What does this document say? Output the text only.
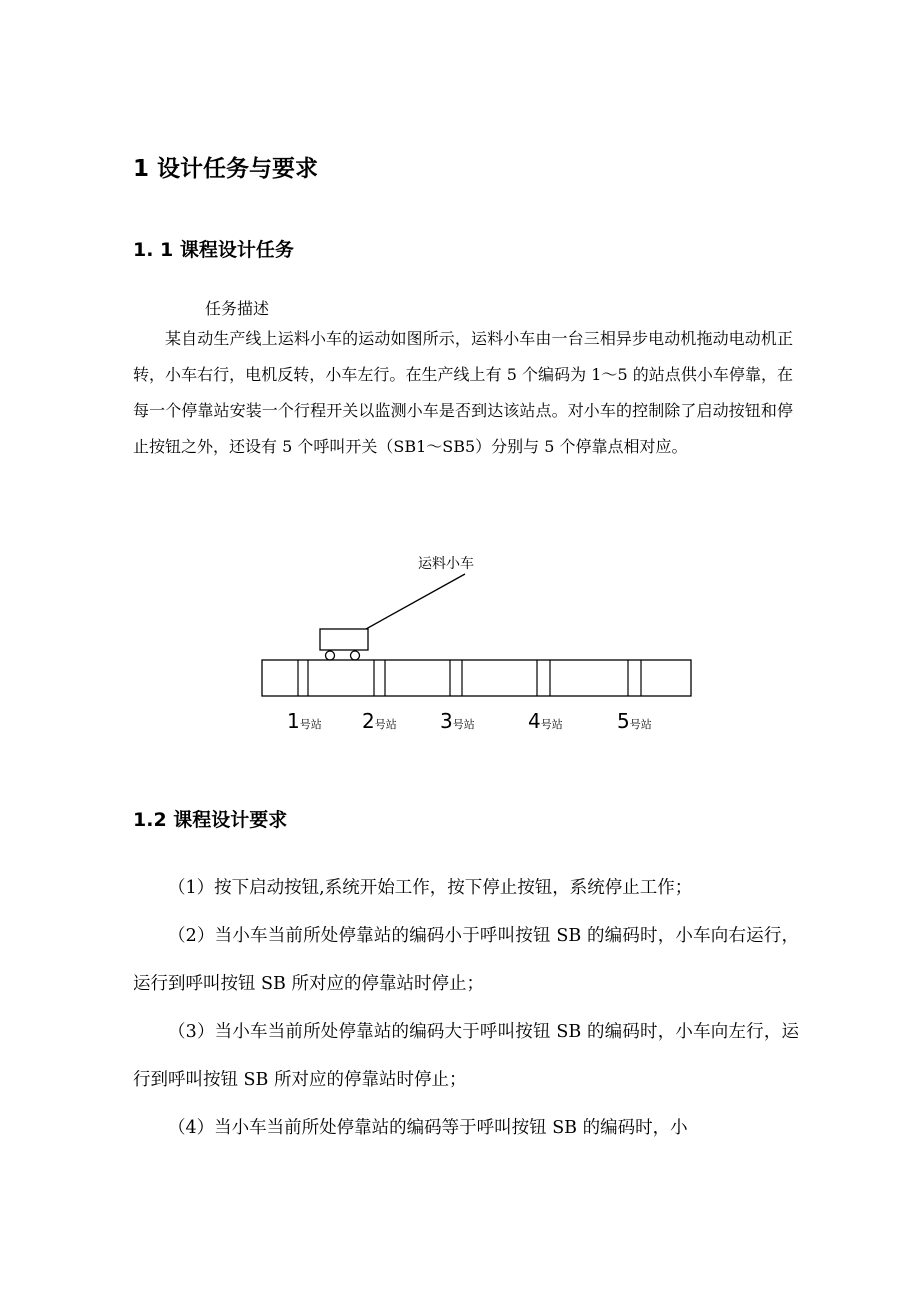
1 设计任务与要求
1. 1 课程设计任务

任务描述

某自动生产线上运料小车的运动如图所示，运料小车由一台三相异步电动机拖动电动机正转，小车右行，电机反转，小车左行。在生产线上有 5 个编码为 1～5 的站点供小车停靠，在每一个停靠站安装一个行程开关以监测小车是否到达该站点。对小车的控制除了启动按钮和停止按钮之外，还设有 5 个呼叫开关（SB1～SB5）分别与 5 个停靠点相对应。

运料小车
1号站 2号站 3号站	4号站	5号站
1.2 课程设计要求

（1）按下启动按钮,系统开始工作，按下停止按钮，系统停止工作；

（2）当小车当前所处停靠站的编码小于呼叫按钮 SB 的编码时，小车向右运行，运行到呼叫按钮 SB 所对应的停靠站时停止；

（3）当小车当前所处停靠站的编码大于呼叫按钮 SB 的编码时，小车向左行，运行到呼叫按钮 SB 所对应的停靠站时停止；

（4）当小车当前所处停靠站的编码等于呼叫按钮 SB 的编码时，小
